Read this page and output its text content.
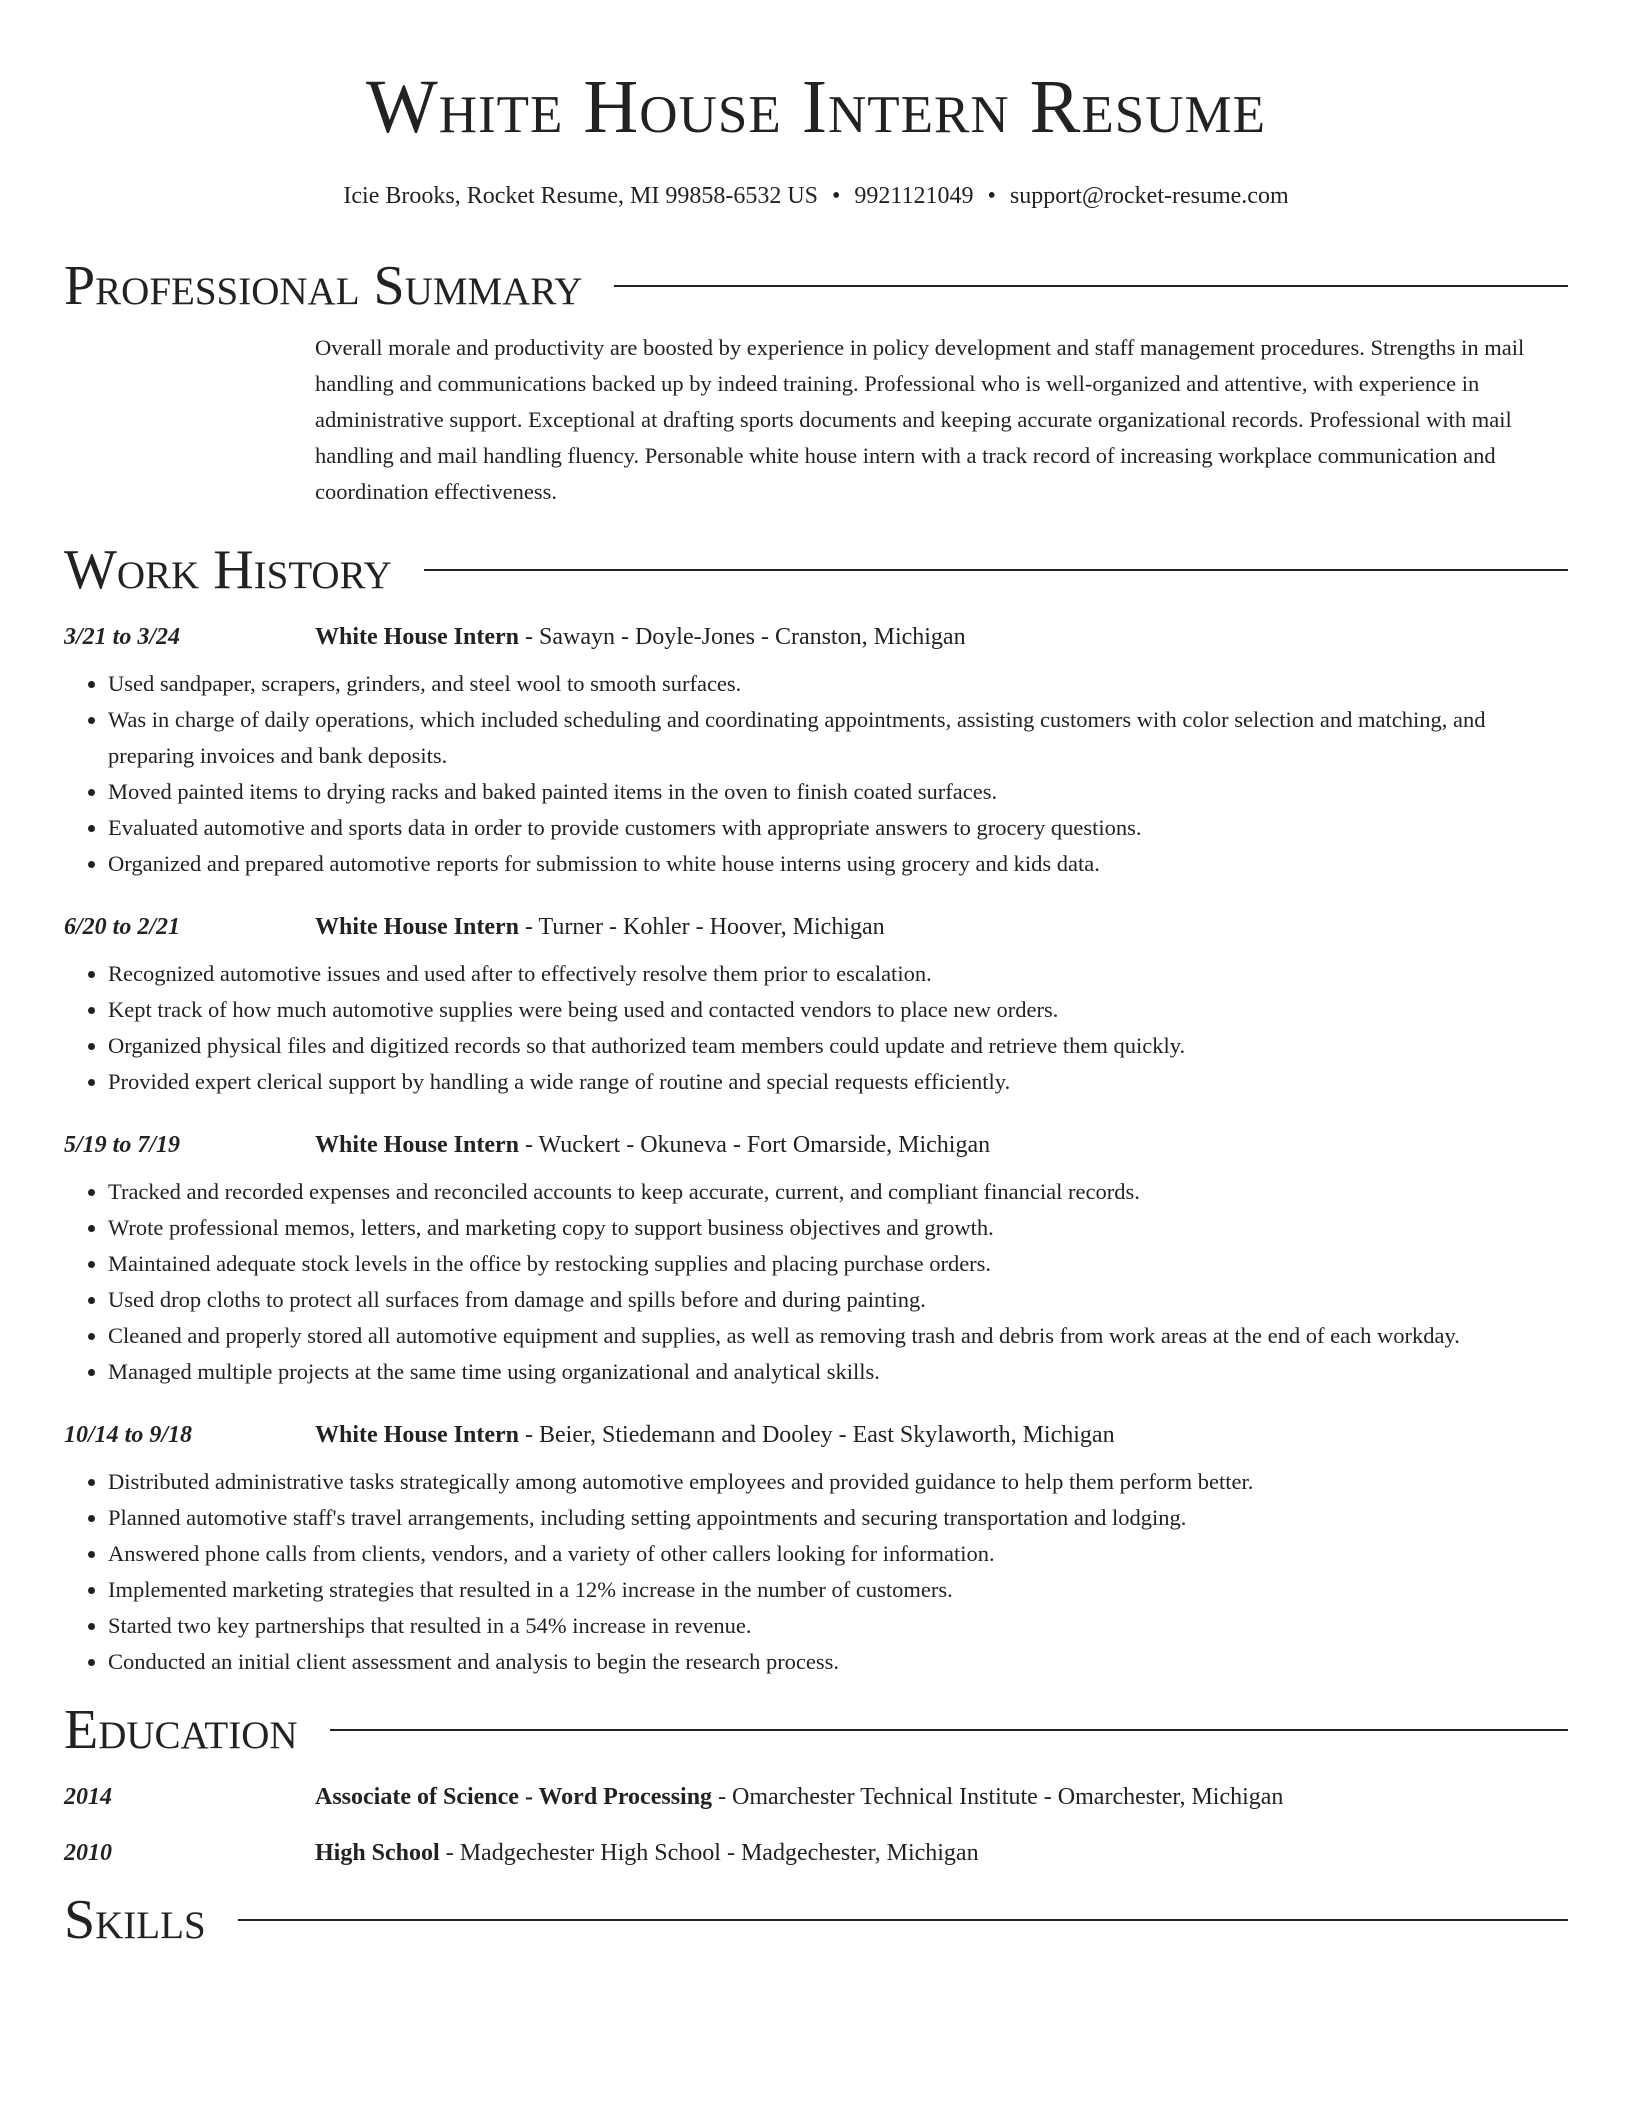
White House Intern Resume
Icie Brooks, Rocket Resume, MI 99858-6532 US • 9921121049 • support@rocket-resume.com
Professional Summary
Overall morale and productivity are boosted by experience in policy development and staff management procedures. Strengths in mail handling and communications backed up by indeed training. Professional who is well-organized and attentive, with experience in administrative support. Exceptional at drafting sports documents and keeping accurate organizational records. Professional with mail handling and mail handling fluency. Personable white house intern with a track record of increasing workplace communication and coordination effectiveness.
Work History
3/21 to 3/24	White House Intern - Sawayn - Doyle-Jones - Cranston, Michigan
• Used sandpaper, scrapers, grinders, and steel wool to smooth surfaces.
• Was in charge of daily operations, which included scheduling and coordinating appointments, assisting customers with color selection and matching, and preparing invoices and bank deposits.
• Moved painted items to drying racks and baked painted items in the oven to finish coated surfaces.
• Evaluated automotive and sports data in order to provide customers with appropriate answers to grocery questions.
• Organized and prepared automotive reports for submission to white house interns using grocery and kids data.
6/20 to 2/21	White House Intern - Turner - Kohler - Hoover, Michigan
• Recognized automotive issues and used after to effectively resolve them prior to escalation.
• Kept track of how much automotive supplies were being used and contacted vendors to place new orders.
• Organized physical files and digitized records so that authorized team members could update and retrieve them quickly.
• Provided expert clerical support by handling a wide range of routine and special requests efficiently.
5/19 to 7/19	White House Intern - Wuckert - Okuneva - Fort Omarside, Michigan
• Tracked and recorded expenses and reconciled accounts to keep accurate, current, and compliant financial records.
• Wrote professional memos, letters, and marketing copy to support business objectives and growth.
• Maintained adequate stock levels in the office by restocking supplies and placing purchase orders.
• Used drop cloths to protect all surfaces from damage and spills before and during painting.
• Cleaned and properly stored all automotive equipment and supplies, as well as removing trash and debris from work areas at the end of each workday.
• Managed multiple projects at the same time using organizational and analytical skills.
10/14 to 9/18	White House Intern - Beier, Stiedemann and Dooley - East Skylaworth, Michigan
• Distributed administrative tasks strategically among automotive employees and provided guidance to help them perform better.
• Planned automotive staff's travel arrangements, including setting appointments and securing transportation and lodging.
• Answered phone calls from clients, vendors, and a variety of other callers looking for information.
• Implemented marketing strategies that resulted in a 12% increase in the number of customers.
• Started two key partnerships that resulted in a 54% increase in revenue.
• Conducted an initial client assessment and analysis to begin the research process.
Education
2014	Associate of Science - Word Processing - Omarchester Technical Institute - Omarchester, Michigan
2010	High School - Madgechester High School - Madgechester, Michigan
Skills
